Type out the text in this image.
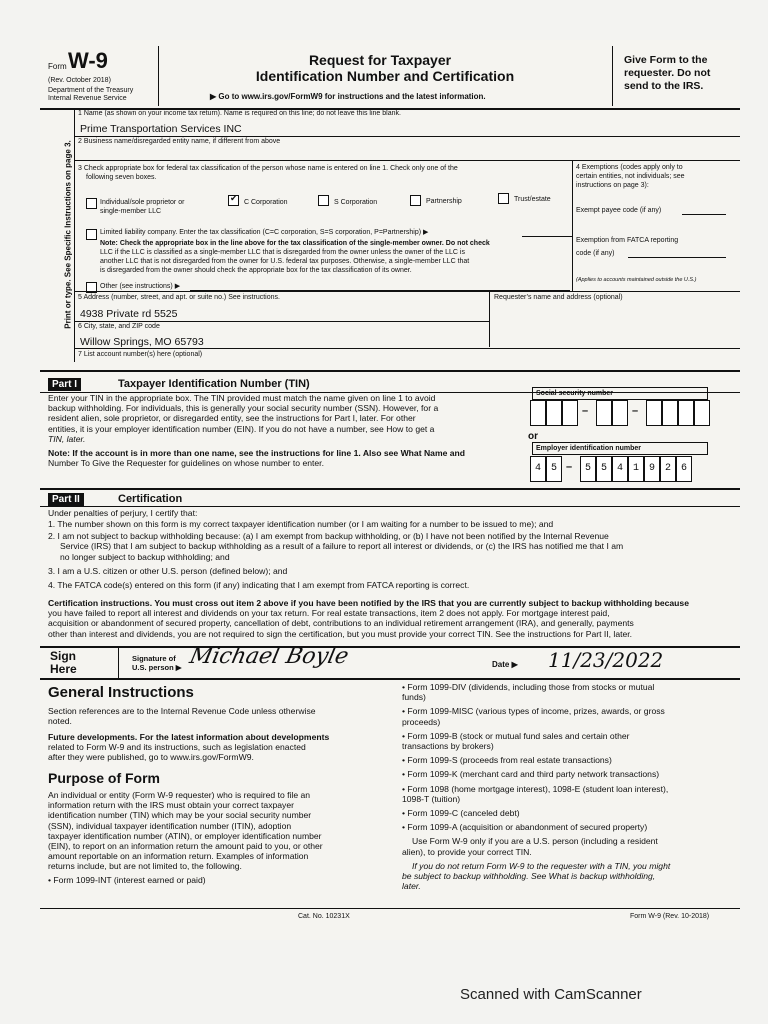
Form W-9
(Rev. October 2018)
Department of the Treasury
Internal Revenue Service
Request for Taxpayer
Identification Number and Certification
▶ Go to www.irs.gov/FormW9 for instructions and the latest information.
Give Form to the
requester. Do not
send to the IRS.
Print or type. See Specific Instructions on page 3.
1 Name (as shown on your income tax return). Name is required on this line; do not leave this line blank.
Prime Transportation Services INC
2 Business name/disregarded entity name, if different from above
3 Check appropriate box for federal tax classification of the person whose name is entered on line 1. Check only one of the
following seven boxes.
Individual/sole proprietor or single-member LLC
✔
C Corporation	S Corporation	Partnership	Trust/estate
Limited liability company. Enter the tax classification (C=C corporation, S=S corporation, P=Partnership) ▶
Note: Check the appropriate box in the line above for the tax classification of the single-member owner. Do not check
LLC if the LLC is classified as a single-member LLC that is disregarded from the owner unless the owner of the LLC is
another LLC that is not disregarded from the owner for U.S. federal tax purposes. Otherwise, a single-member LLC that
is disregarded from the owner should check the appropriate box for the tax classification of its owner.
Other (see instructions) ▶
4 Exemptions (codes apply only to
certain entities, not individuals; see
instructions on page 3):
Exempt payee code (if any)
Exemption from FATCA reporting
code (if any)
(Applies to accounts maintained outside the U.S.)
5 Address (number, street, and apt. or suite no.) See instructions.
4938 Private rd 5525
Requester’s name and address (optional)
6 City, state, and ZIP code
Willow Springs, MO 65793
7 List account number(s) here (optional)
Part I	Taxpayer Identification Number (TIN)
Enter your TIN in the appropriate box. The TIN provided must match the name given on line 1 to avoid
backup withholding. For individuals, this is generally your social security number (SSN). However, for a
resident alien, sole proprietor, or disregarded entity, see the instructions for Part I, later. For other
entities, it is your employer identification number (EIN). If you do not have a number, see How to get a
TIN, later.
Note: If the account is in more than one name, see the instructions for line 1. Also see What Name and
Number To Give the Requester for guidelines on whose number to enter.
Social security number
–	–
or
Employer identification number
4 5 –	5 5 4 1 9 2 6
Part II	Certification
Under penalties of perjury, I certify that:
1. The number shown on this form is my correct taxpayer identification number (or I am waiting for a number to be issued to me); and
2. I am not subject to backup withholding because: (a) I am exempt from backup withholding, or (b) I have not been notified by the Internal Revenue
Service (IRS) that I am subject to backup withholding as a result of a failure to report all interest or dividends, or (c) the IRS has notified me that I am
no longer subject to backup withholding; and
3. I am a U.S. citizen or other U.S. person (defined below); and
4. The FATCA code(s) entered on this form (if any) indicating that I am exempt from FATCA reporting is correct.
Certification instructions. You must cross out item 2 above if you have been notified by the IRS that you are currently subject to backup withholding because
you have failed to report all interest and dividends on your tax return. For real estate transactions, item 2 does not apply. For mortgage interest paid,
acquisition or abandonment of secured property, cancellation of debt, contributions to an individual retirement arrangement (IRA), and generally, payments
other than interest and dividends, you are not required to sign the certification, but you must provide your correct TIN. See the instructions for Part II, later.
Sign
Here
Signature of
U.S. person ▶ Michael Boyle	Date ▶ 11/23/2022
General Instructions
Section references are to the Internal Revenue Code unless otherwise
noted.
Future developments. For the latest information about developments
related to Form W-9 and its instructions, such as legislation enacted
after they were published, go to www.irs.gov/FormW9.
Purpose of Form
An individual or entity (Form W-9 requester) who is required to file an
information return with the IRS must obtain your correct taxpayer
identification number (TIN) which may be your social security number
(SSN), individual taxpayer identification number (ITIN), adoption
taxpayer identification number (ATIN), or employer identification number
(EIN), to report on an information return the amount paid to you, or other
amount reportable on an information return. Examples of information
returns include, but are not limited to, the following.
• Form 1099-INT (interest earned or paid)
• Form 1099-DIV (dividends, including those from stocks or mutual
funds)
• Form 1099-MISC (various types of income, prizes, awards, or gross
proceeds)
• Form 1099-B (stock or mutual fund sales and certain other
transactions by brokers)
• Form 1099-S (proceeds from real estate transactions)
• Form 1099-K (merchant card and third party network transactions)
• Form 1098 (home mortgage interest), 1098-E (student loan interest),
1098-T (tuition)
• Form 1099-C (canceled debt)
• Form 1099-A (acquisition or abandonment of secured property)
Use Form W-9 only if you are a U.S. person (including a resident
alien), to provide your correct TIN.
If you do not return Form W-9 to the requester with a TIN, you might
be subject to backup withholding. See What is backup withholding,
later.
Cat. No. 10231X	Form W-9 (Rev. 10-2018)
Scanned with CamScanner
